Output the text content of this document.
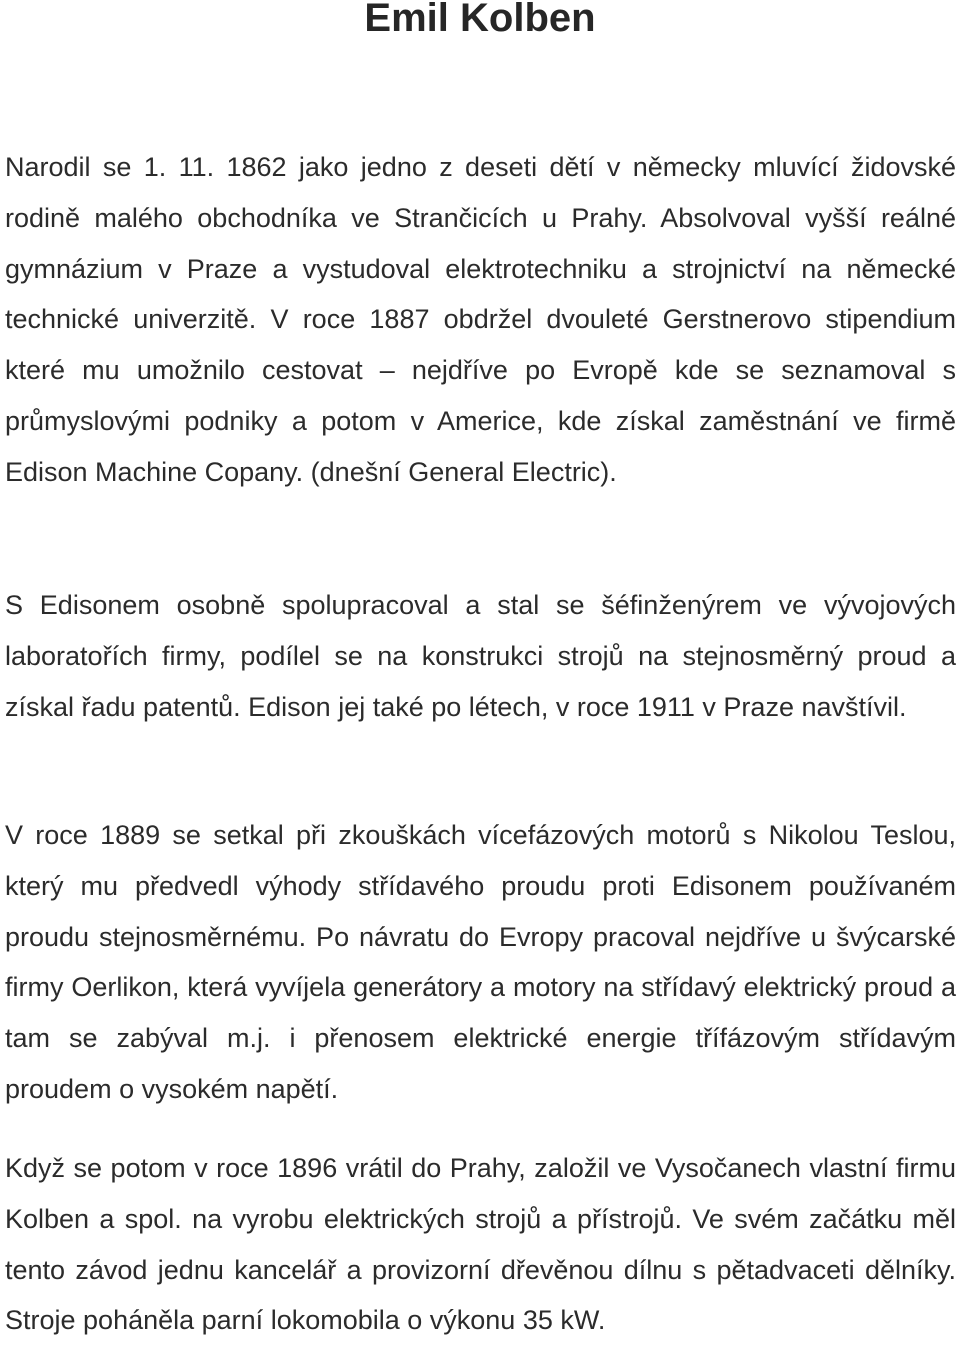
Emil Kolben

Narodil se 1. 11. 1862 jako jedno z deseti dětí v německy mluvící židovské rodině malého obchodníka ve Strančicích u Prahy. Absolvoval vyšší reálné gymnázium v Praze a vystudoval elektrotechniku a strojnictví na německé technické univerzitě. V roce 1887 obdržel dvouleté Gerstnerovo stipendium které mu umožnilo cestovat – nejdříve po Evropě kde se seznamoval s průmyslovými podniky a potom v Americe, kde získal zaměstnání ve firmě Edison Machine Copany. (dnešní General Electric).

S Edisonem osobně spolupracoval a stal se šéfinženýrem ve vývojových laboratořích firmy, podílel se na konstrukci strojů na stejnosměrný proud a získal řadu patentů. Edison jej také po létech, v roce 1911 v Praze navštívil.

V roce 1889 se setkal při zkouškách vícefázových motorů s Nikolou Teslou, který mu předvedl výhody střídavého proudu proti Edisonem používaném proudu stejnosměrnému. Po návratu do Evropy pracoval nejdříve u švýcarské firmy Oerlikon, která vyvíjela generátory a motory na střídavý elektrický proud a tam se zabýval m.j. i přenosem elektrické energie třífázovým střídavým proudem o vysokém napětí.

Když se potom v roce 1896 vrátil do Prahy, založil ve Vysočanech vlastní firmu Kolben a spol. na vyrobu elektrických strojů a přístrojů. Ve svém začátku měl tento závod jednu kancelář a provizorní dřevěnou dílnu s pětadvaceti dělníky. Stroje poháněla parní lokomobila o výkonu 35 kW.
